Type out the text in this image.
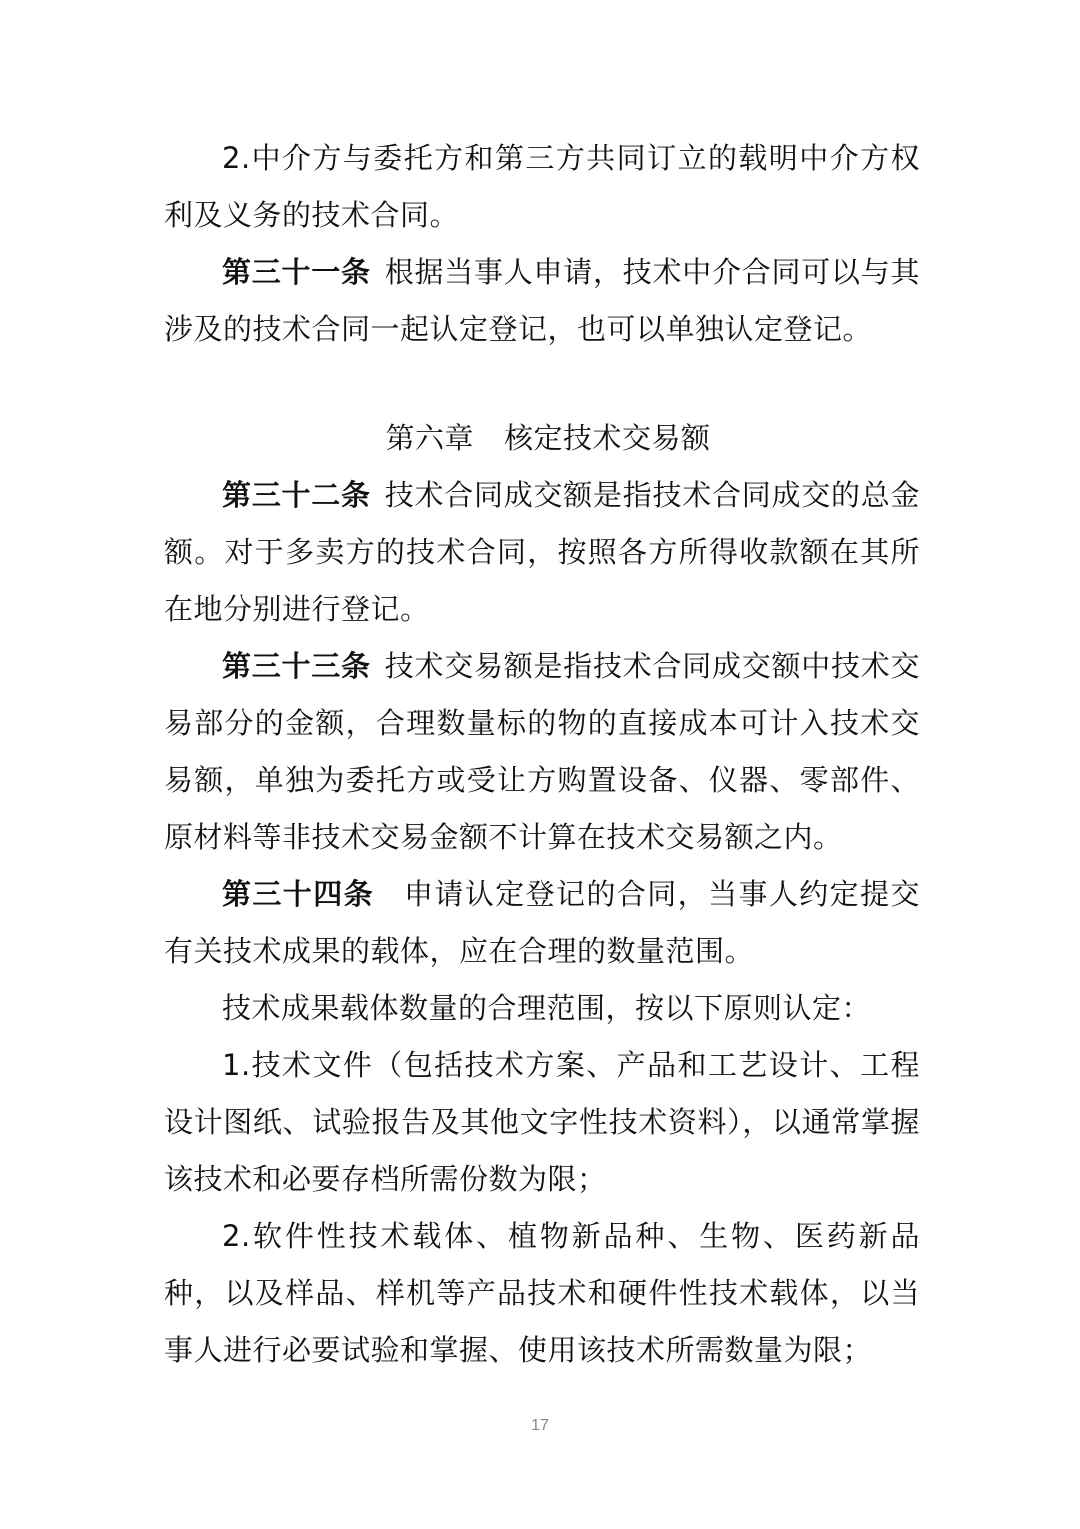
2.中介方与委托方和第三方共同订立的载明中介方权利及义务的技术合同。

第三十一条 根据当事人申请，技术中介合同可以与其涉及的技术合同一起认定登记，也可以单独认定登记。

第六章 核定技术交易额

第三十二条 技术合同成交额是指技术合同成交的总金额。对于多卖方的技术合同，按照各方所得收款额在其所在地分别进行登记。

第三十三条 技术交易额是指技术合同成交额中技术交易部分的金额，合理数量标的物的直接成本可计入技术交易额，单独为委托方或受让方购置设备、仪器、零部件、原材料等非技术交易金额不计算在技术交易额之内。

第三十四条 申请认定登记的合同，当事人约定提交有关技术成果的载体，应在合理的数量范围。

技术成果载体数量的合理范围，按以下原则认定：

1.技术文件（包括技术方案、产品和工艺设计、工程设计图纸、试验报告及其他文字性技术资料），以通常掌握该技术和必要存档所需份数为限；

2.软件性技术载体、植物新品种、生物、医药新品种，以及样品、样机等产品技术和硬件性技术载体，以当事人进行必要试验和掌握、使用该技术所需数量为限；

17
